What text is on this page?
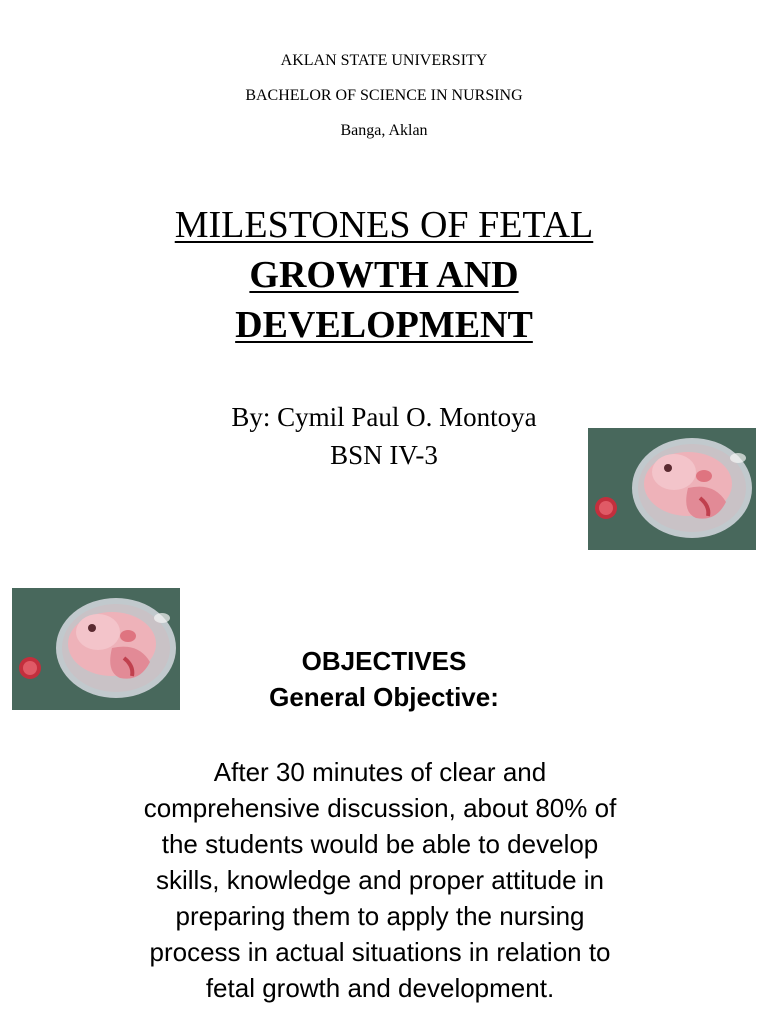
AKLAN STATE UNIVERSITY
BACHELOR OF SCIENCE IN NURSING
Banga, Aklan
MILESTONES OF FETAL
GROWTH AND
DEVELOPMENT
By: Cymil Paul O. Montoya
BSN IV-3
OBJECTIVES
General Objective:
After 30 minutes of clear and
comprehensive discussion, about 80% of
the students would be able to develop
skills, knowledge and proper attitude in
preparing them to apply the nursing
process in actual situations in relation to
fetal growth and development.
